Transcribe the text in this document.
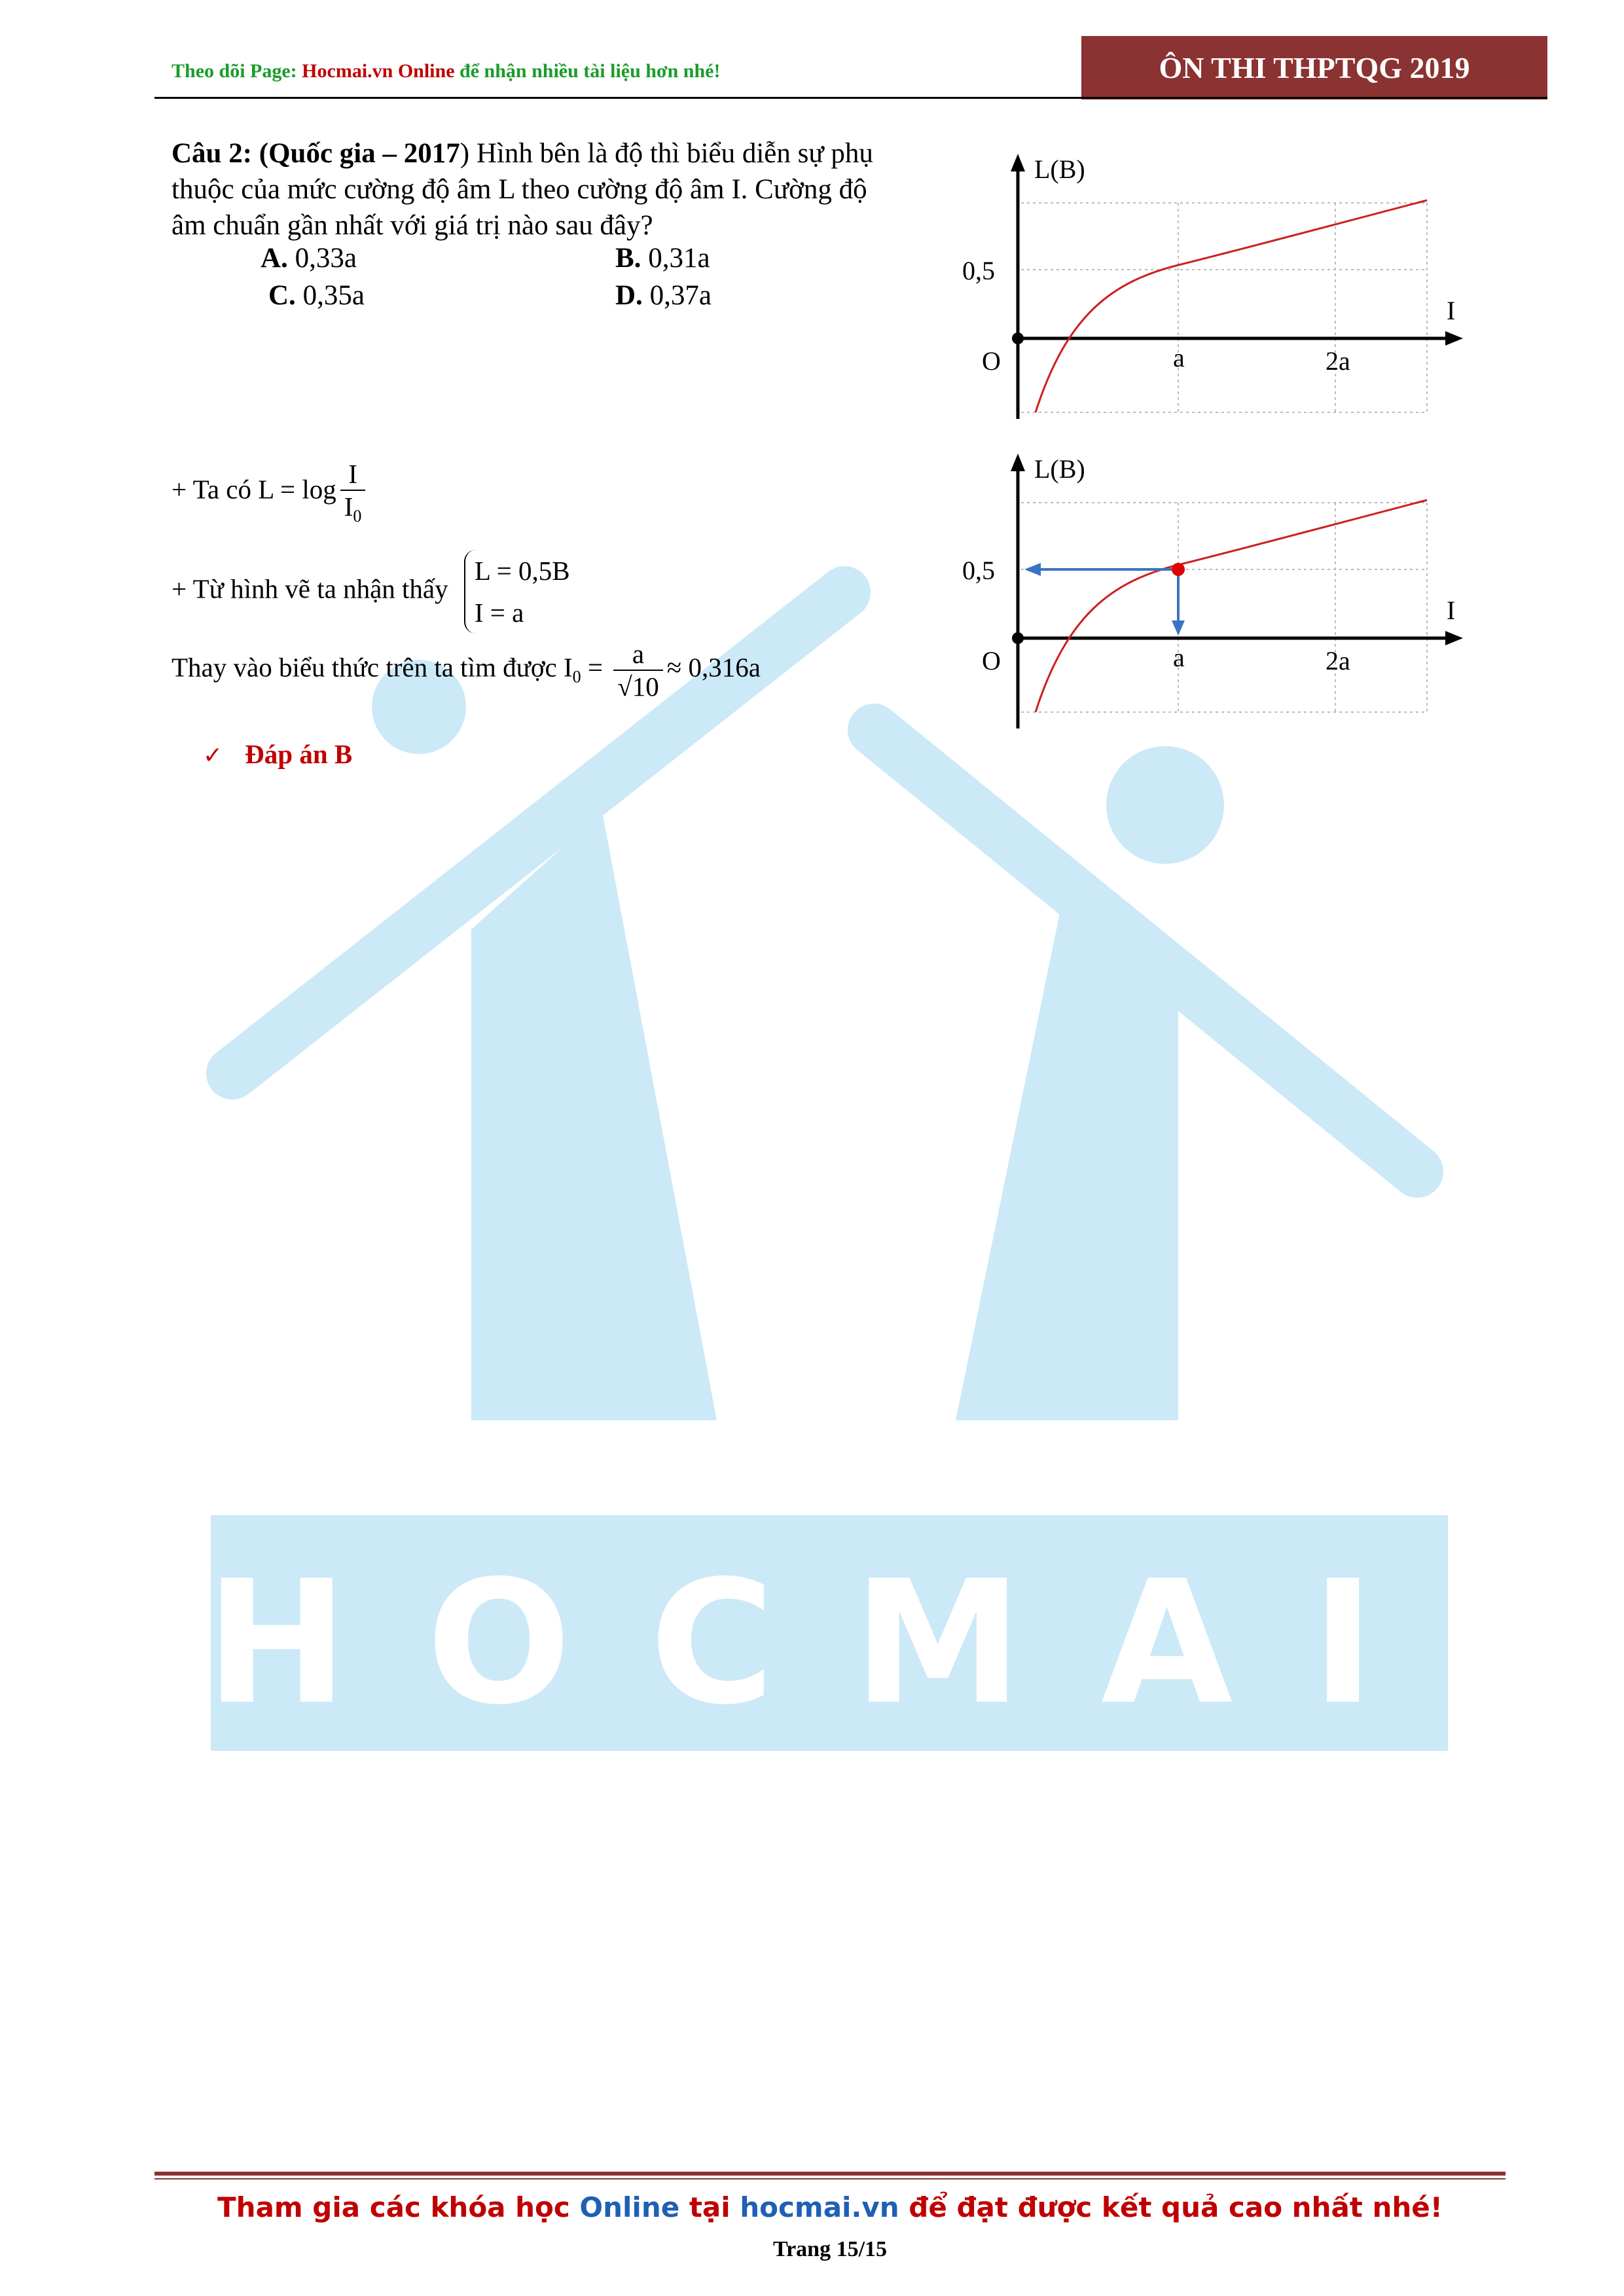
HOCMAI
Theo dõi Page: Hocmai.vn Online để nhận nhiều tài liệu hơn nhé!	ÔN THI THPTQG 2019
Câu 2: (Quốc gia – 2017) Hình bên là độ thì biểu diễn sự phụ
thuộc của mức cường độ âm L theo cường độ âm I. Cường độ
âm chuẩn gần nhất với giá trị nào sau đây?
A. 0,33a	B. 0,31a
C. 0,35a	D. 0,37a
L(B)
I
0,5
O	a	2a
L(B)
I
0,5
O	a	2a
+ Ta có $L = \log \frac{I}{I_0}$
+ Từ hình vẽ ta nhận thấy
L = 0,5B
I = a
Thay vào biểu thức trên ta tìm được $I_0 = \frac{a}{√10} \approx 0,316a$
✓ Đáp án B
Tham gia các khóa học Online tại hocmai.vn để đạt được kết quả cao nhất nhé!
Trang 15/15
